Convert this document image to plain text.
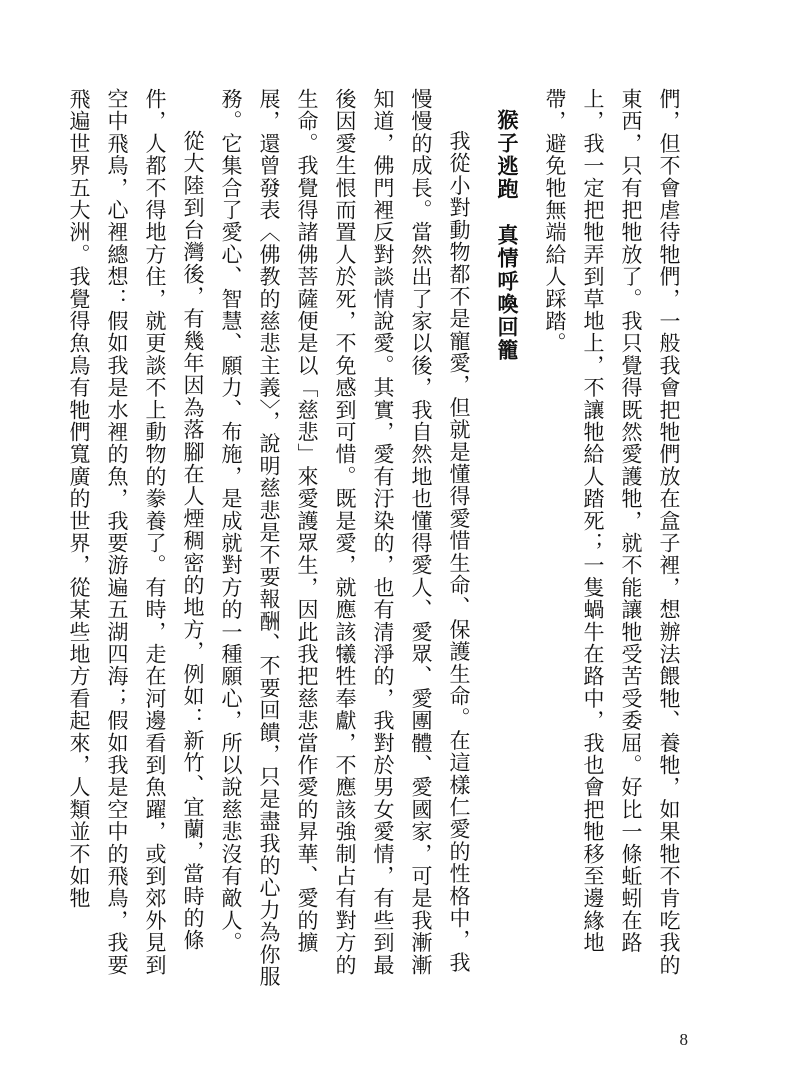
們，但不會虐待牠們，一般我會把牠們放在盒子裡，想辦法餵牠、養牠，如果牠不肯吃我的東西，只有把牠放了。我只覺得既然愛護牠，就不能讓牠受苦受委屈。好比一條蚯蚓在路上，我一定把牠弄到草地上，不讓牠給人踏死；一隻蝸牛在路中，我也會把牠移至邊緣地帶，避免牠無端給人踩踏。

猴子逃跑　真情呼喚回籠

我從小對動物都不是寵愛，但就是懂得愛惜生命、保護生命。在這樣仁愛的性格中，我慢慢的成長。當然出了家以後，我自然地也懂得愛人、愛眾、愛團體、愛國家，可是我漸漸知道，佛門裡反對談情說愛。其實，愛有汙染的，也有清淨的，我對於男女愛情，有些到最後因愛生恨而置人於死，不免感到可惜。既是愛，就應該犧牲奉獻，不應該強制占有對方的生命。我覺得諸佛菩薩便是以「慈悲」來愛護眾生，因此我把慈悲當作愛的昇華、愛的擴展，還曾發表〈佛教的慈悲主義〉，說明慈悲是不要報酬、不要回饋，只是盡我的心力為你服務。它集合了愛心、智慧、願力、布施，是成就對方的一種願心，所以說慈悲沒有敵人。

從大陸到台灣後，有幾年因為落腳在人煙稠密的地方，例如：新竹、宜蘭，當時的條件，人都不得地方住，就更談不上動物的豢養了。有時，走在河邊看到魚躍，或到郊外見到空中飛鳥，心裡總想：假如我是水裡的魚，我要游遍五湖四海；假如我是空中的飛鳥，我要飛遍世界五大洲。我覺得魚鳥有牠們寬廣的世界，從某些地方看起來，人類並不如牠

8
